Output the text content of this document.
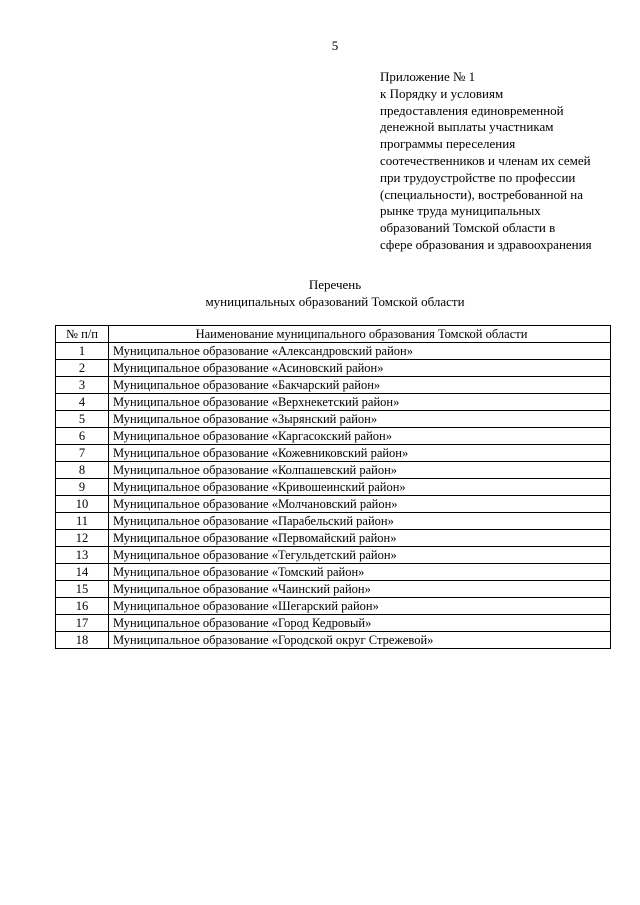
5
Приложение № 1
к Порядку и условиям
предоставления единовременной
денежной выплаты участникам
программы переселения
соотечественников и членам их семей
при трудоустройстве по профессии
(специальности), востребованной на
рынке труда муниципальных
образований Томской области в
сфере образования и здравоохранения
Перечень
муниципальных образований Томской области
№ п/п	Наименование муниципального образования Томской области
1	Муниципальное образование «Александровский район»
2	Муниципальное образование «Асиновский район»
3	Муниципальное образование «Бакчарский район»
4	Муниципальное образование «Верхнекетский район»
5	Муниципальное образование «Зырянский район»
6	Муниципальное образование «Каргасокский район»
7	Муниципальное образование «Кожевниковский район»
8	Муниципальное образование «Колпашевский район»
9	Муниципальное образование «Кривошеинский район»
10	Муниципальное образование «Молчановский район»
11	Муниципальное образование «Парабельский район»
12	Муниципальное образование «Первомайский район»
13	Муниципальное образование «Тегульдетский район»
14	Муниципальное образование «Томский район»
15	Муниципальное образование «Чаинский район»
16	Муниципальное образование «Шегарский район»
17	Муниципальное образование «Город Кедровый»
18	Муниципальное образование «Городской округ Стрежевой»
